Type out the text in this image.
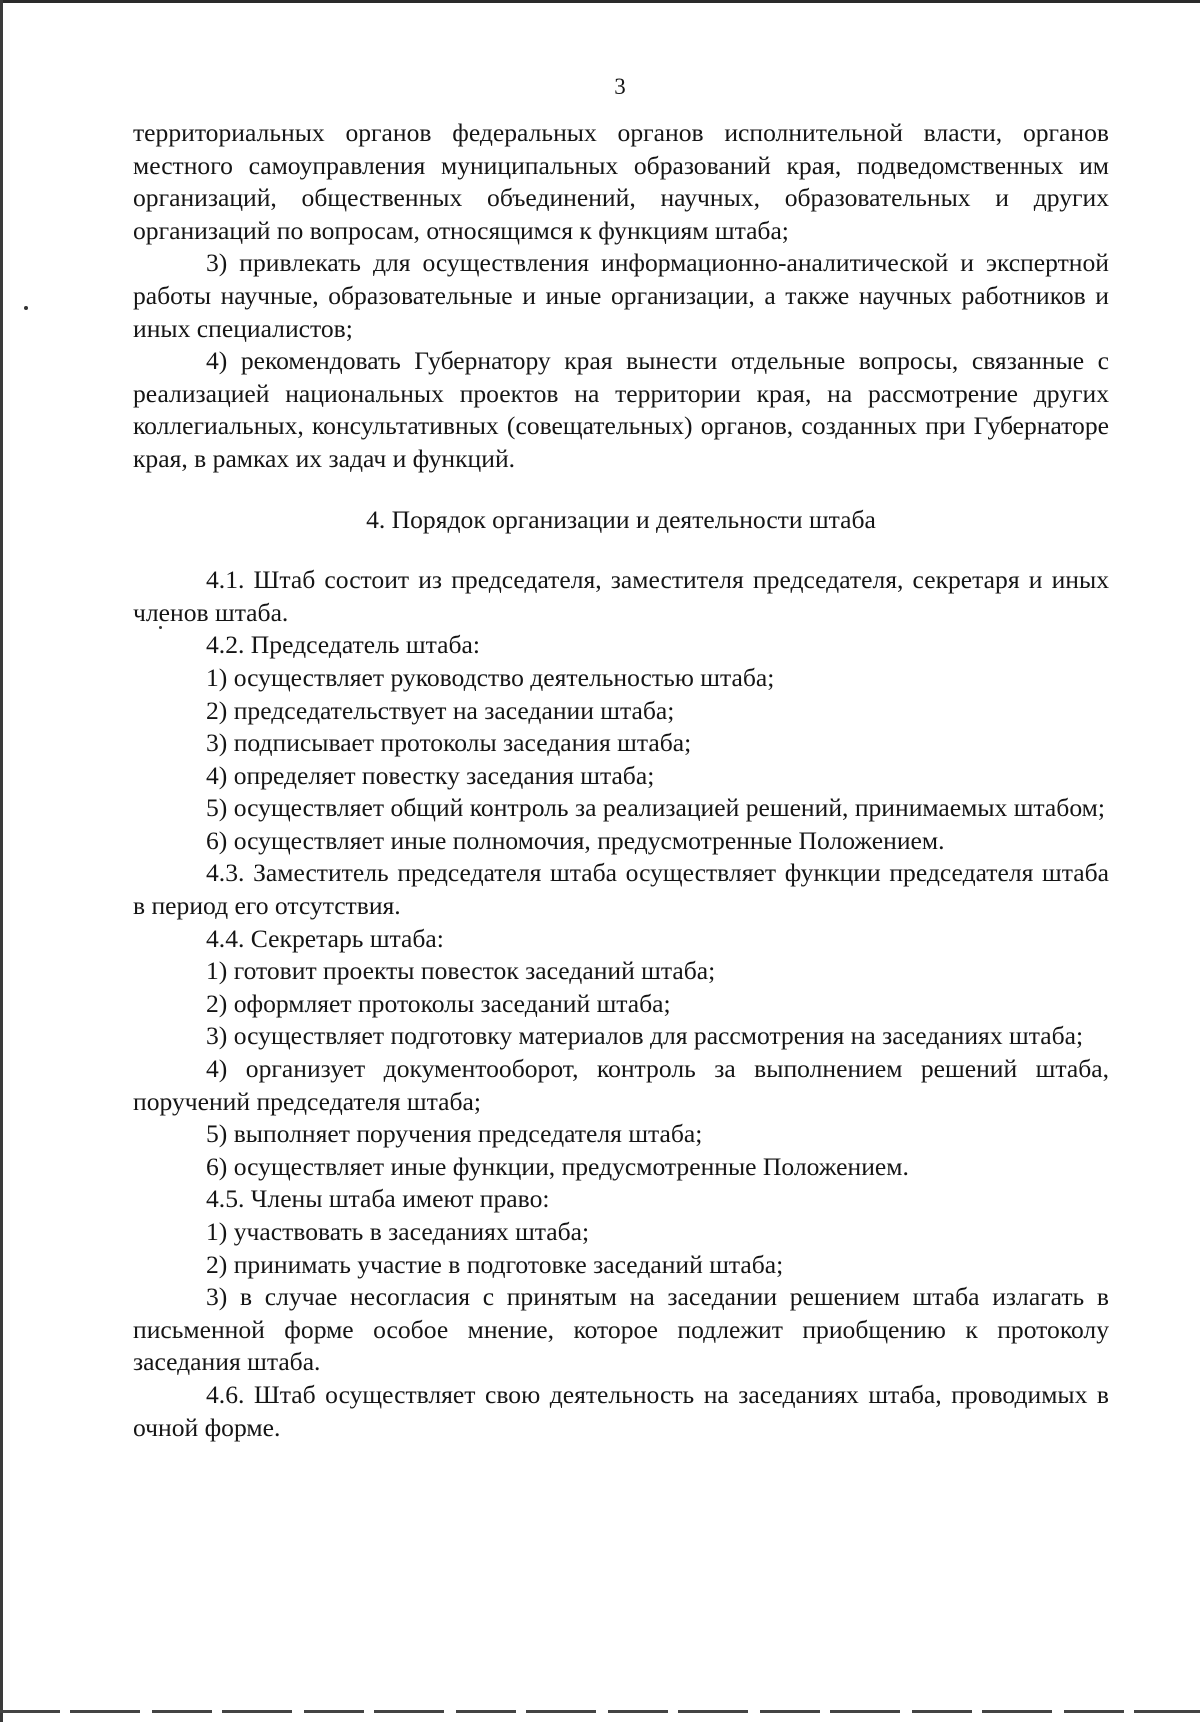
3

территориальных органов федеральных органов исполнительной власти, органов местного самоуправления муниципальных образований края, подведомственных им организаций, общественных объединений, научных, образовательных и других организаций по вопросам, относящимся к функциям штаба;

3) привлекать для осуществления информационно-аналитической и экспертной работы научные, образовательные и иные организации, а также научных работников и иных специалистов;

4) рекомендовать Губернатору края вынести отдельные вопросы, связанные с реализацией национальных проектов на территории края, на рассмотрение других коллегиальных, консультативных (совещательных) органов, созданных при Губернаторе края, в рамках их задач и функций.

4. Порядок организации и деятельности штаба

4.1. Штаб состоит из председателя, заместителя председателя, секретаря и иных членов штаба.

4.2. Председатель штаба:

1) осуществляет руководство деятельностью штаба;

2) председательствует на заседании штаба;

3) подписывает протоколы заседания штаба;

4) определяет повестку заседания штаба;

5) осуществляет общий контроль за реализацией решений, принимаемых штабом;

6) осуществляет иные полномочия, предусмотренные Положением.

4.3. Заместитель председателя штаба осуществляет функции председателя штаба в период его отсутствия.

4.4. Секретарь штаба:

1) готовит проекты повесток заседаний штаба;

2) оформляет протоколы заседаний штаба;

3) осуществляет подготовку материалов для рассмотрения на заседаниях штаба;

4) организует документооборот, контроль за выполнением решений штаба, поручений председателя штаба;

5) выполняет поручения председателя штаба;

6) осуществляет иные функции, предусмотренные Положением.

4.5. Члены штаба имеют право:

1) участвовать в заседаниях штаба;

2) принимать участие в подготовке заседаний штаба;

3) в случае несогласия с принятым на заседании решением штаба излагать в письменной форме особое мнение, которое подлежит приобщению к протоколу заседания штаба.

4.6. Штаб осуществляет свою деятельность на заседаниях штаба, проводимых в очной форме.
